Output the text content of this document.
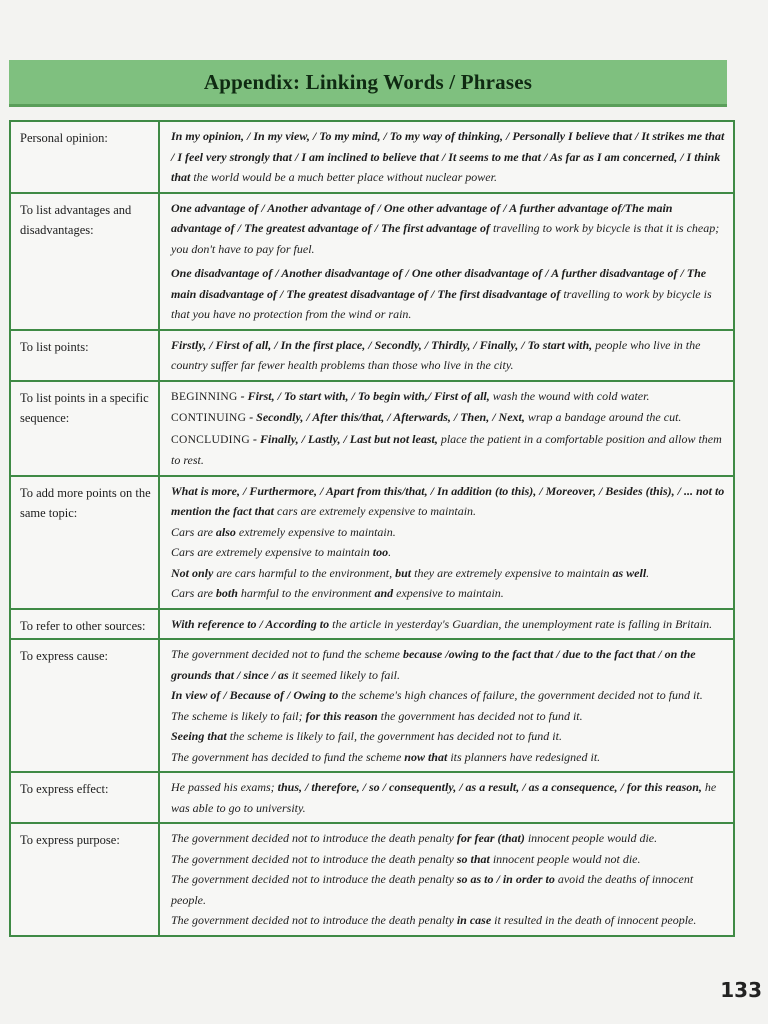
Appendix: Linking Words / Phrases
Personal opinion:	In my opinion, / In my view, / To my mind, / To my way of thinking, / Personally I believe that / It strikes me that / I feel very strongly that / I am inclined to believe that / It seems to me that / As far as I am concerned, / I think that the world would be a much better place without nuclear power.

To list advantages and disadvantages:	One advantage of / Another advantage of / One other advantage of / A further advantage of/The main advantage of / The greatest advantage of / The first advantage of travelling to work by bicycle is that it is cheap; you don't have to pay for fuel.

One disadvantage of / Another disadvantage of / One other disadvantage of / A further disadvantage of / The main disadvantage of / The greatest disadvantage of / The first disadvantage of travelling to work by bicycle is that you have no protection from the wind or rain.

To list points:	Firstly, / First of all, / In the first place, / Secondly, / Thirdly, / Finally, / To start with, people who live in the country suffer far fewer health problems than those who live in the city.

To list points in a specific sequence:	BEGINNING - First, / To start with, / To begin with,/ First of all, wash the wound with cold water.

CONTINUING - Secondly, / After this/that, / Afterwards, / Then, / Next, wrap a bandage around the cut.

CONCLUDING - Finally, / Lastly, / Last but not least, place the patient in a comfortable position and allow them to rest.

To add more points on the same topic:	What is more, / Furthermore, / Apart from this/that, / In addition (to this), / Moreover, / Besides (this), / ... not to mention the fact that cars are extremely expensive to maintain.

Cars are also extremely expensive to maintain.

Cars are extremely expensive to maintain too.

Not only are cars harmful to the environment, but they are extremely expensive to maintain as well.

Cars are both harmful to the environment and expensive to maintain.

To refer to other sources:	With reference to / According to the article in yesterday's Guardian, the unemployment rate is falling in Britain.

To express cause:	The government decided not to fund the scheme because /owing to the fact that / due to the fact that / on the grounds that / since / as it seemed likely to fail.

In view of / Because of / Owing to the scheme's high chances of failure, the government decided not to fund it.

The scheme is likely to fail; for this reason the government has decided not to fund it.

Seeing that the scheme is likely to fail, the government has decided not to fund it.

The government has decided to fund the scheme now that its planners have redesigned it.

To express effect:	He passed his exams; thus, / therefore, / so / consequently, / as a result, / as a consequence, / for this reason, he was able to go to university.

To express purpose:	The government decided not to introduce the death penalty for fear (that) innocent people would die.

The government decided not to introduce the death penalty so that innocent people would not die.

The government decided not to introduce the death penalty so as to / in order to avoid the deaths of innocent people.

The government decided not to introduce the death penalty in case it resulted in the death of innocent people.

133
